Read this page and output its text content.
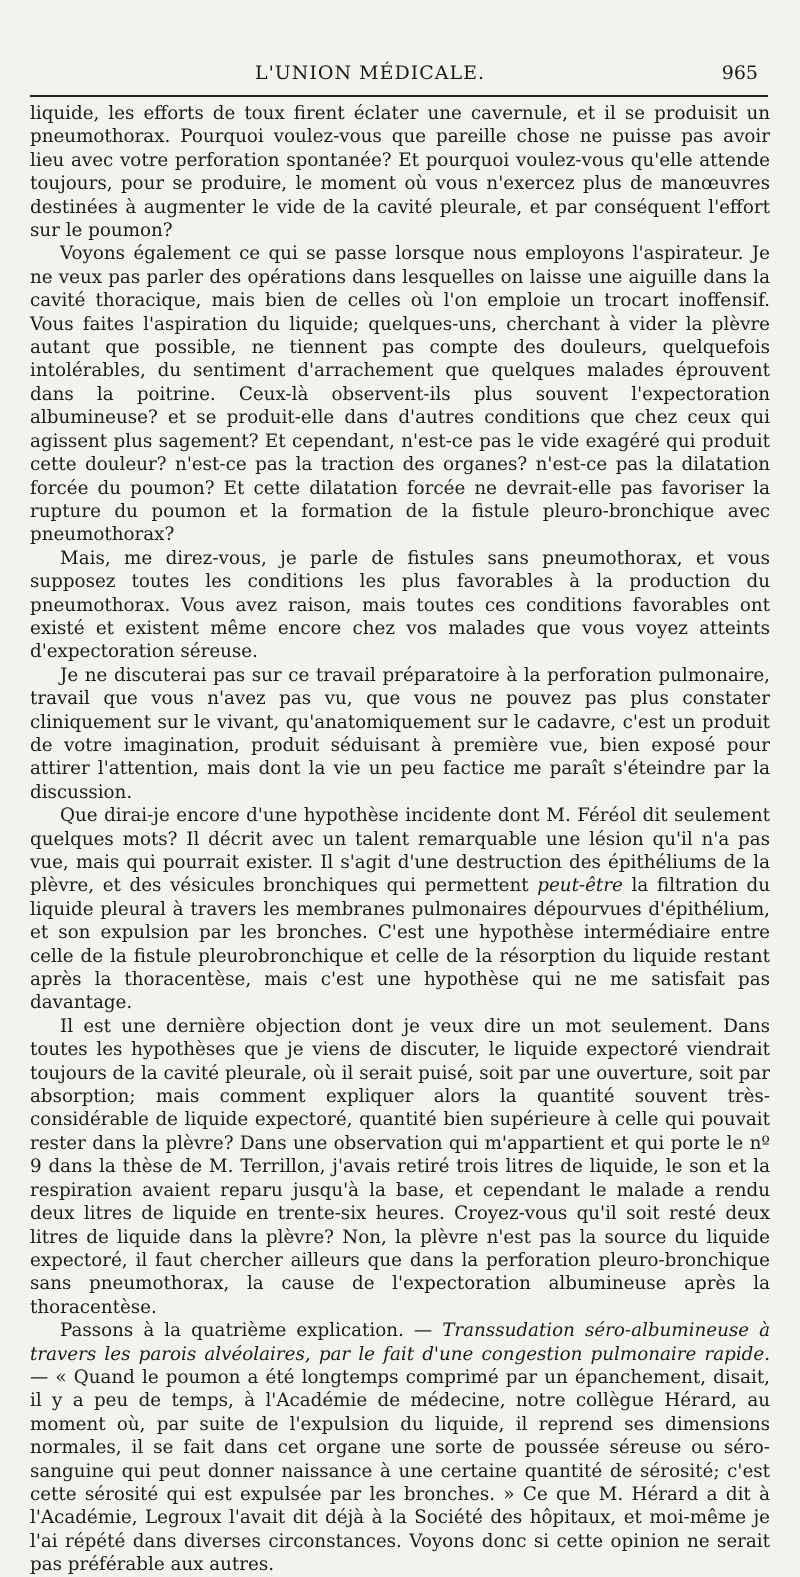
L'UNION MÉDICALE.	965

liquide, les efforts de toux firent éclater une cavernule, et il se produisit un pneumothorax. Pourquoi voulez-vous que pareille chose ne puisse pas avoir lieu avec votre perforation spontanée? Et pourquoi voulez-vous qu'elle attende toujours, pour se produire, le moment où vous n'exercez plus de manœuvres destinées à augmenter le vide de la cavité pleurale, et par conséquent l'effort sur le poumon?

Voyons également ce qui se passe lorsque nous employons l'aspirateur. Je ne veux pas parler des opérations dans lesquelles on laisse une aiguille dans la cavité thoracique, mais bien de celles où l'on emploie un trocart inoffensif. Vous faites l'aspiration du liquide; quelques-uns, cherchant à vider la plèvre autant que possible, ne tiennent pas compte des douleurs, quelquefois intolérables, du sentiment d'arrachement que quelques malades éprouvent dans la poitrine. Ceux-là observent-ils plus souvent l'expectoration albumineuse? et se produit-elle dans d'autres conditions que chez ceux qui agissent plus sagement? Et cependant, n'est-ce pas le vide exagéré qui produit cette douleur? n'est-ce pas la traction des organes? n'est-ce pas la dilatation forcée du poumon? Et cette dilatation forcée ne devrait-elle pas favoriser la rupture du poumon et la formation de la fistule pleuro-bronchique avec pneumothorax?

Mais, me direz-vous, je parle de fistules sans pneumothorax, et vous supposez toutes les conditions les plus favorables à la production du pneumothorax. Vous avez raison, mais toutes ces conditions favorables ont existé et existent même encore chez vos malades que vous voyez atteints d'expectoration séreuse.

Je ne discuterai pas sur ce travail préparatoire à la perforation pulmonaire, travail que vous n'avez pas vu, que vous ne pouvez pas plus constater cliniquement sur le vivant, qu'anatomiquement sur le cadavre, c'est un produit de votre imagination, produit séduisant à première vue, bien exposé pour attirer l'attention, mais dont la vie un peu factice me paraît s'éteindre par la discussion.

Que dirai-je encore d'une hypothèse incidente dont M. Féréol dit seulement quelques mots? Il décrit avec un talent remarquable une lésion qu'il n'a pas vue, mais qui pourrait exister. Il s'agit d'une destruction des épithéliums de la plèvre, et des vésicules bronchiques qui permettent peut-être la filtration du liquide pleural à travers les membranes pulmonaires dépourvues d'épithélium, et son expulsion par les bronches. C'est une hypothèse intermédiaire entre celle de la fistule pleurobronchique et celle de la résorption du liquide restant après la thoracentèse, mais c'est une hypothèse qui ne me satisfait pas davantage.

Il est une dernière objection dont je veux dire un mot seulement. Dans toutes les hypothèses que je viens de discuter, le liquide expectoré viendrait toujours de la cavité pleurale, où il serait puisé, soit par une ouverture, soit par absorption; mais comment expliquer alors la quantité souvent très-considérable de liquide expectoré, quantité bien supérieure à celle qui pouvait rester dans la plèvre? Dans une observation qui m'appartient et qui porte le nº 9 dans la thèse de M. Terrillon, j'avais retiré trois litres de liquide, le son et la respiration avaient reparu jusqu'à la base, et cependant le malade a rendu deux litres de liquide en trente-six heures. Croyez-vous qu'il soit resté deux litres de liquide dans la plèvre? Non, la plèvre n'est pas la source du liquide expectoré, il faut chercher ailleurs que dans la perforation pleuro-bronchique sans pneumothorax, la cause de l'expectoration albumineuse après la thoracentèse.

Passons à la quatrième explication. — Transsudation séro-albumineuse à travers les parois alvéolaires, par le fait d'une congestion pulmonaire rapide. — « Quand le poumon a été longtemps comprimé par un épanchement, disait, il y a peu de temps, à l'Académie de médecine, notre collègue Hérard, au moment où, par suite de l'expulsion du liquide, il reprend ses dimensions normales, il se fait dans cet organe une sorte de poussée séreuse ou séro-sanguine qui peut donner naissance à une certaine quantité de sérosité; c'est cette sérosité qui est expulsée par les bronches. » Ce que M. Hérard a dit à l'Académie, Legroux l'avait dit déjà à la Société des hôpitaux, et moi-même je l'ai répété dans diverses circonstances. Voyons donc si cette opinion ne serait pas préférable aux autres.
